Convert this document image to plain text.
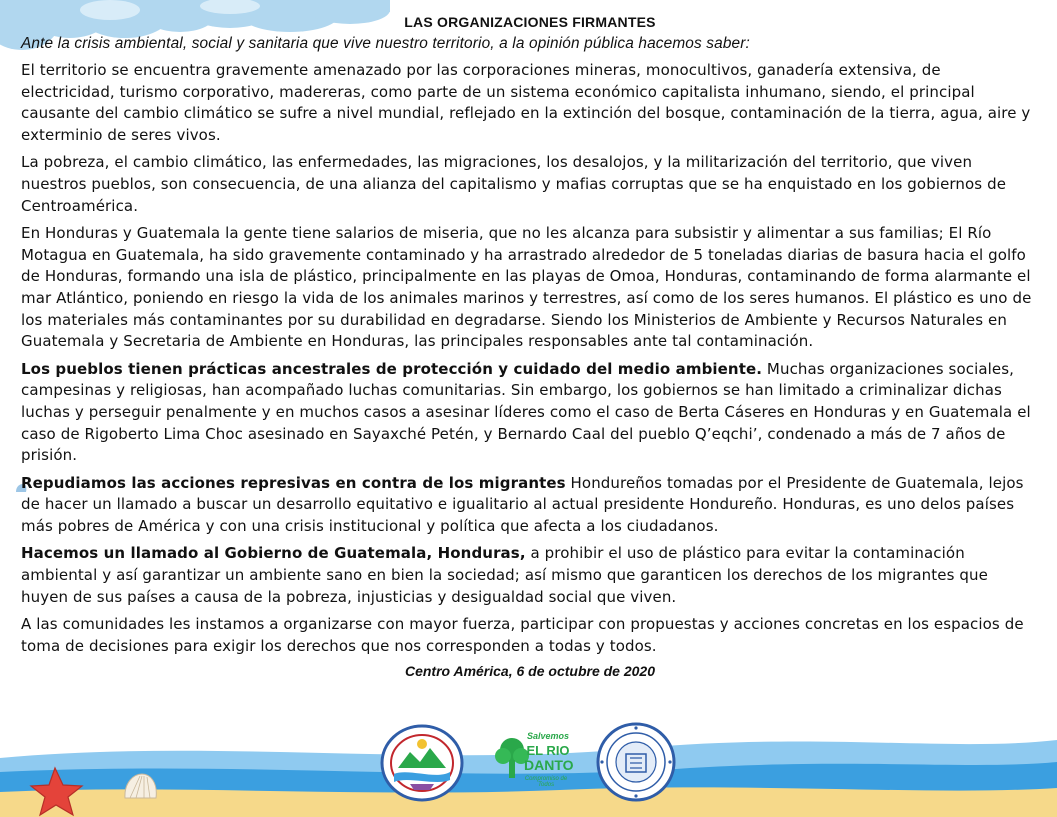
LAS ORGANIZACIONES FIRMANTES
Ante la crisis ambiental, social y sanitaria que vive nuestro territorio, a la opinión pública hacemos saber:

El territorio se encuentra gravemente amenazado por las corporaciones mineras, monocultivos, ganadería extensiva, de electricidad, turismo corporativo, madereras, como parte de un sistema económico capitalista inhumano, siendo, el principal causante del cambio climático se sufre a nivel mundial, reflejado en la extinción del bosque, contaminación de la tierra, agua, aire y exterminio de seres vivos.

La pobreza, el cambio climático, las enfermedades, las migraciones, los desalojos, y la militarización del territorio, que viven nuestros pueblos, son consecuencia, de una alianza del capitalismo y mafias corruptas que se ha enquistado en los gobiernos de Centroamérica.

En Honduras y Guatemala la gente tiene salarios de miseria, que no les alcanza para subsistir y alimentar a sus familias; El Río Motagua en Guatemala, ha sido gravemente contaminado y ha arrastrado alrededor de 5 toneladas diarias de basura hacia el golfo de Honduras, formando una isla de plástico, principalmente en las playas de Omoa, Honduras, contaminando de forma alarmante el mar Atlántico, poniendo en riesgo la vida de los animales marinos y terrestres, así como de los seres humanos. El plástico es uno de los materiales más contaminantes por su durabilidad en degradarse. Siendo los Ministerios de Ambiente y Recursos Naturales en Guatemala y Secretaria de Ambiente en Honduras, las principales responsables ante tal contaminación.

Los pueblos tienen prácticas ancestrales de protección y cuidado del medio ambiente. Muchas organizaciones sociales, campesinas y religiosas, han acompañado luchas comunitarias. Sin embargo, los gobiernos se han limitado a criminalizar dichas luchas y perseguir penalmente y en muchos casos a asesinar líderes como el caso de Berta Cáseres en Honduras y en Guatemala el caso de Rigoberto Lima Choc asesinado en Sayaxché Petén, y Bernardo Caal del pueblo Q’eqchi’, condenado a más de 7 años de prisión.

Repudiamos las acciones represivas en contra de los migrantes Hondureños tomadas por el Presidente de Guatemala, lejos de hacer un llamado a buscar un desarrollo equitativo e igualitario al actual presidente Hondureño. Honduras, es uno delos países más pobres de América y con una crisis institucional y política que afecta a los ciudadanos.

Hacemos un llamado al Gobierno de Guatemala, Honduras, a prohibir el uso de plástico para evitar la contaminación ambiental y así garantizar un ambiente sano en bien la sociedad; así mismo que garanticen los derechos de los migrantes que huyen de sus países a causa de la pobreza, injusticias y desigualdad social que viven.

A las comunidades les instamos a organizarse con mayor fuerza, participar con propuestas y acciones concretas en los espacios de toma de decisiones para exigir los derechos que nos corresponden a todas y todos.

Centro América, 6 de octubre de 2020
Salvemos
EL RIO
DANTO
Compromiso de Todos
